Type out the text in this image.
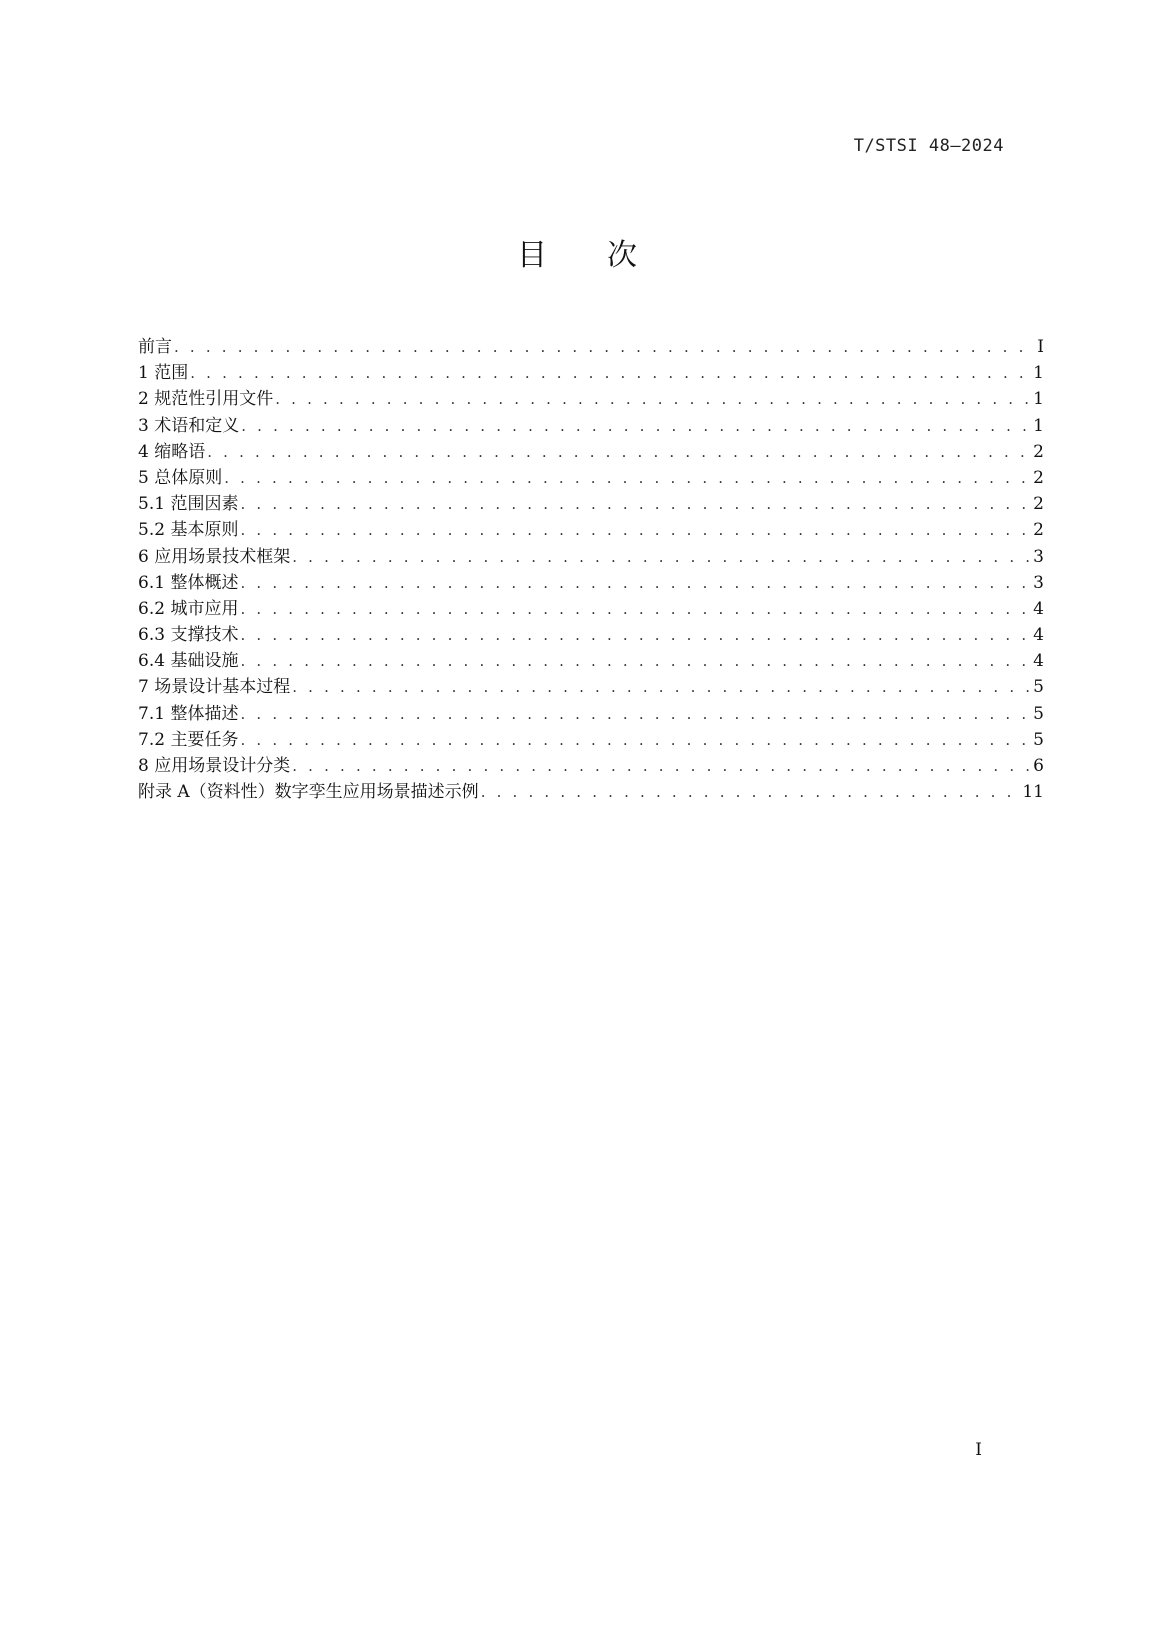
T/STSI 48—2024
目 次
前言 . . .	I
1 范围 . . .	1
2 规范性引用文件 . . .	1
3 术语和定义 . . .	1
4 缩略语 . . .	2
5 总体原则 . . .	2
5.1 范围因素 . . .	2
5.2 基本原则 . . .	2
6 应用场景技术框架 . . .	3
6.1 整体概述 . . .	3
6.2 城市应用 . . .	4
6.3 支撑技术 . . .	4
6.4 基础设施 . . .	4
7 场景设计基本过程 . . .	5
7.1 整体描述 . . .	5
7.2 主要任务 . . .	5
8 应用场景设计分类 . . .	6
附录 A（资料性）数字孪生应用场景描述示例 . . .	11
I
